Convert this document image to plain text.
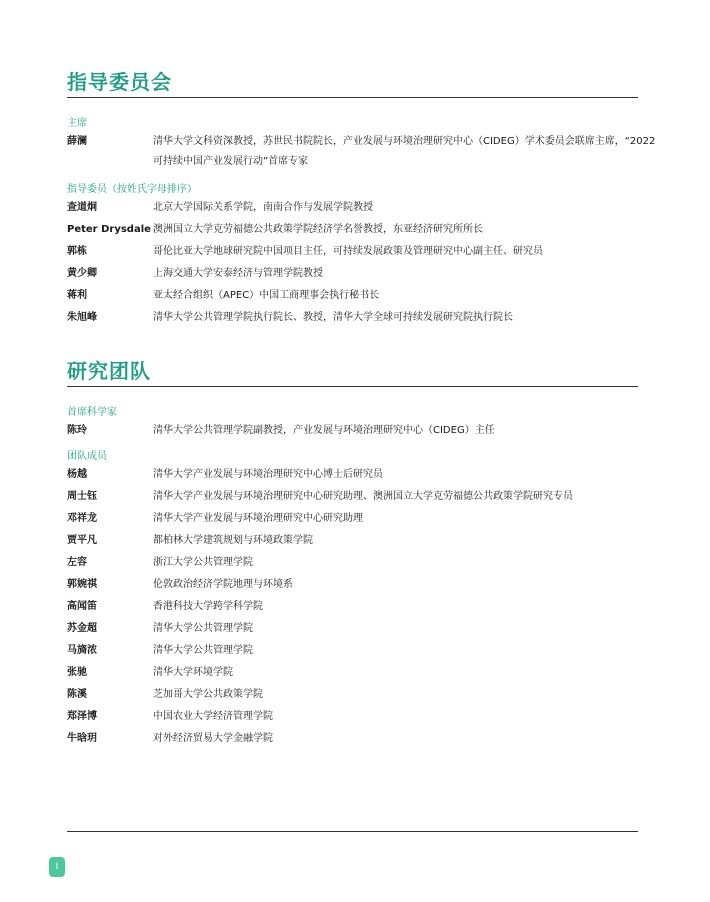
指导委员会
主席
薛澜	清华大学文科资深教授，苏世民书院院长，产业发展与环境治理研究中心（CIDEG）学术委员会联席主席，“2022 可持续中国产业发展行动”首席专家
指导委员（按姓氏字母排序）
查道炯	北京大学国际关系学院，南南合作与发展学院教授
Peter Drysdale 澳洲国立大学克劳福德公共政策学院经济学名誉教授，东亚经济研究所所长
郭栋	哥伦比亚大学地球研究院中国项目主任，可持续发展政策及管理研究中心副主任、研究员
黄少卿	上海交通大学安泰经济与管理学院教授
蒋利	亚太经合组织（APEC）中国工商理事会执行秘书长
朱旭峰	清华大学公共管理学院执行院长、教授，清华大学全球可持续发展研究院执行院长
研究团队
首席科学家
陈玲	清华大学公共管理学院副教授，产业发展与环境治理研究中心（CIDEG）主任
团队成员
杨越	清华大学产业发展与环境治理研究中心博士后研究员
周士钰	清华大学产业发展与环境治理研究中心研究助理、澳洲国立大学克劳福德公共政策学院研究专员
邓祥龙	清华大学产业发展与环境治理研究中心研究助理
贾平凡	都柏林大学建筑规划与环境政策学院
左容	浙江大学公共管理学院
郭婉祺	伦敦政治经济学院地理与环境系
高闻笛	香港科技大学跨学科学院
苏金超	清华大学公共管理学院
马旖浓	清华大学公共管理学院
张驰	清华大学环境学院
陈溪	芝加哥大学公共政策学院
郑泽博	中国农业大学经济管理学院
牛晗玥	对外经济贸易大学金融学院
I
